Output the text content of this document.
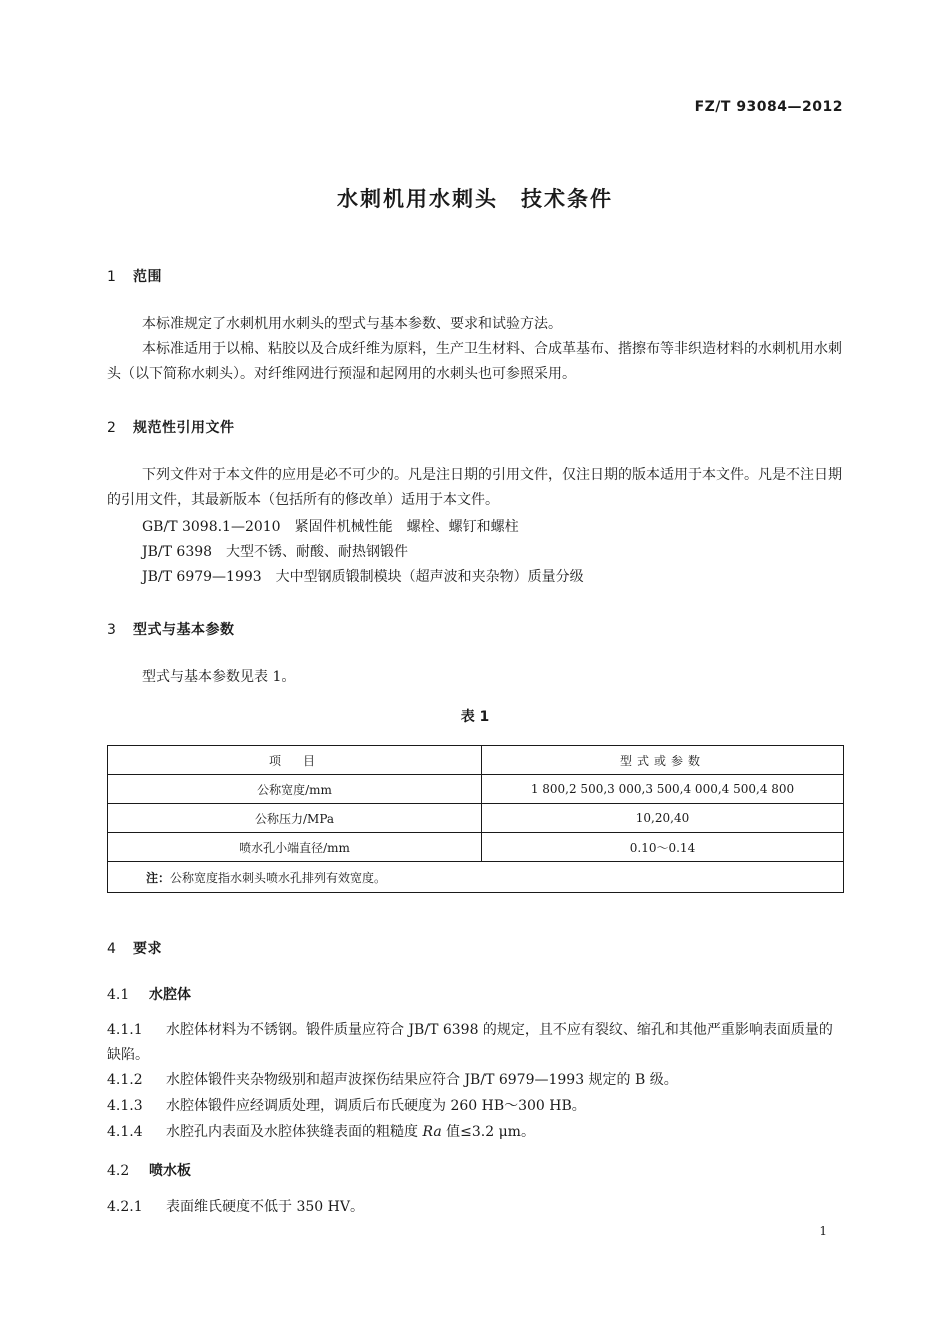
FZ/T 93084—2012
水刺机用水刺头　技术条件
1 范围
本标准规定了水刺机用水刺头的型式与基本参数、要求和试验方法。
本标准适用于以棉、粘胶以及合成纤维为原料，生产卫生材料、合成革基布、揩擦布等非织造材料的水刺机用水刺头（以下简称水刺头）。对纤维网进行预湿和起网用的水刺头也可参照采用。
2 规范性引用文件
下列文件对于本文件的应用是必不可少的。凡是注日期的引用文件，仅注日期的版本适用于本文件。凡是不注日期的引用文件，其最新版本（包括所有的修改单）适用于本文件。
GB/T 3098.1—2010 紧固件机械性能　螺栓、螺钉和螺柱
JB/T 6398 大型不锈、耐酸、耐热钢锻件
JB/T 6979—1993 大中型钢质锻制模块（超声波和夹杂物）质量分级
3 型式与基本参数
型式与基本参数见表 1。
表 1
项　目	型式或参数
公称宽度/mm	1 800,2 500,3 000,3 500,4 000,4 500,4 800
公称压力/MPa	10,20,40
喷水孔小端直径/mm	0.10～0.14
注：公称宽度指水刺头喷水孔排列有效宽度。	
4 要求
4.1 水腔体
4.1.1 水腔体材料为不锈钢。锻件质量应符合 JB/T 6398 的规定，且不应有裂纹、缩孔和其他严重影响表面质量的缺陷。
4.1.2 水腔体锻件夹杂物级别和超声波探伤结果应符合 JB/T 6979—1993 规定的 B 级。
4.1.3 水腔体锻件应经调质处理，调质后布氏硬度为 260 HB～300 HB。
4.1.4 水腔孔内表面及水腔体狭缝表面的粗糙度 Ra 值≤3.2 μm。
4.2 喷水板
4.2.1 表面维氏硬度不低于 350 HV。
1
